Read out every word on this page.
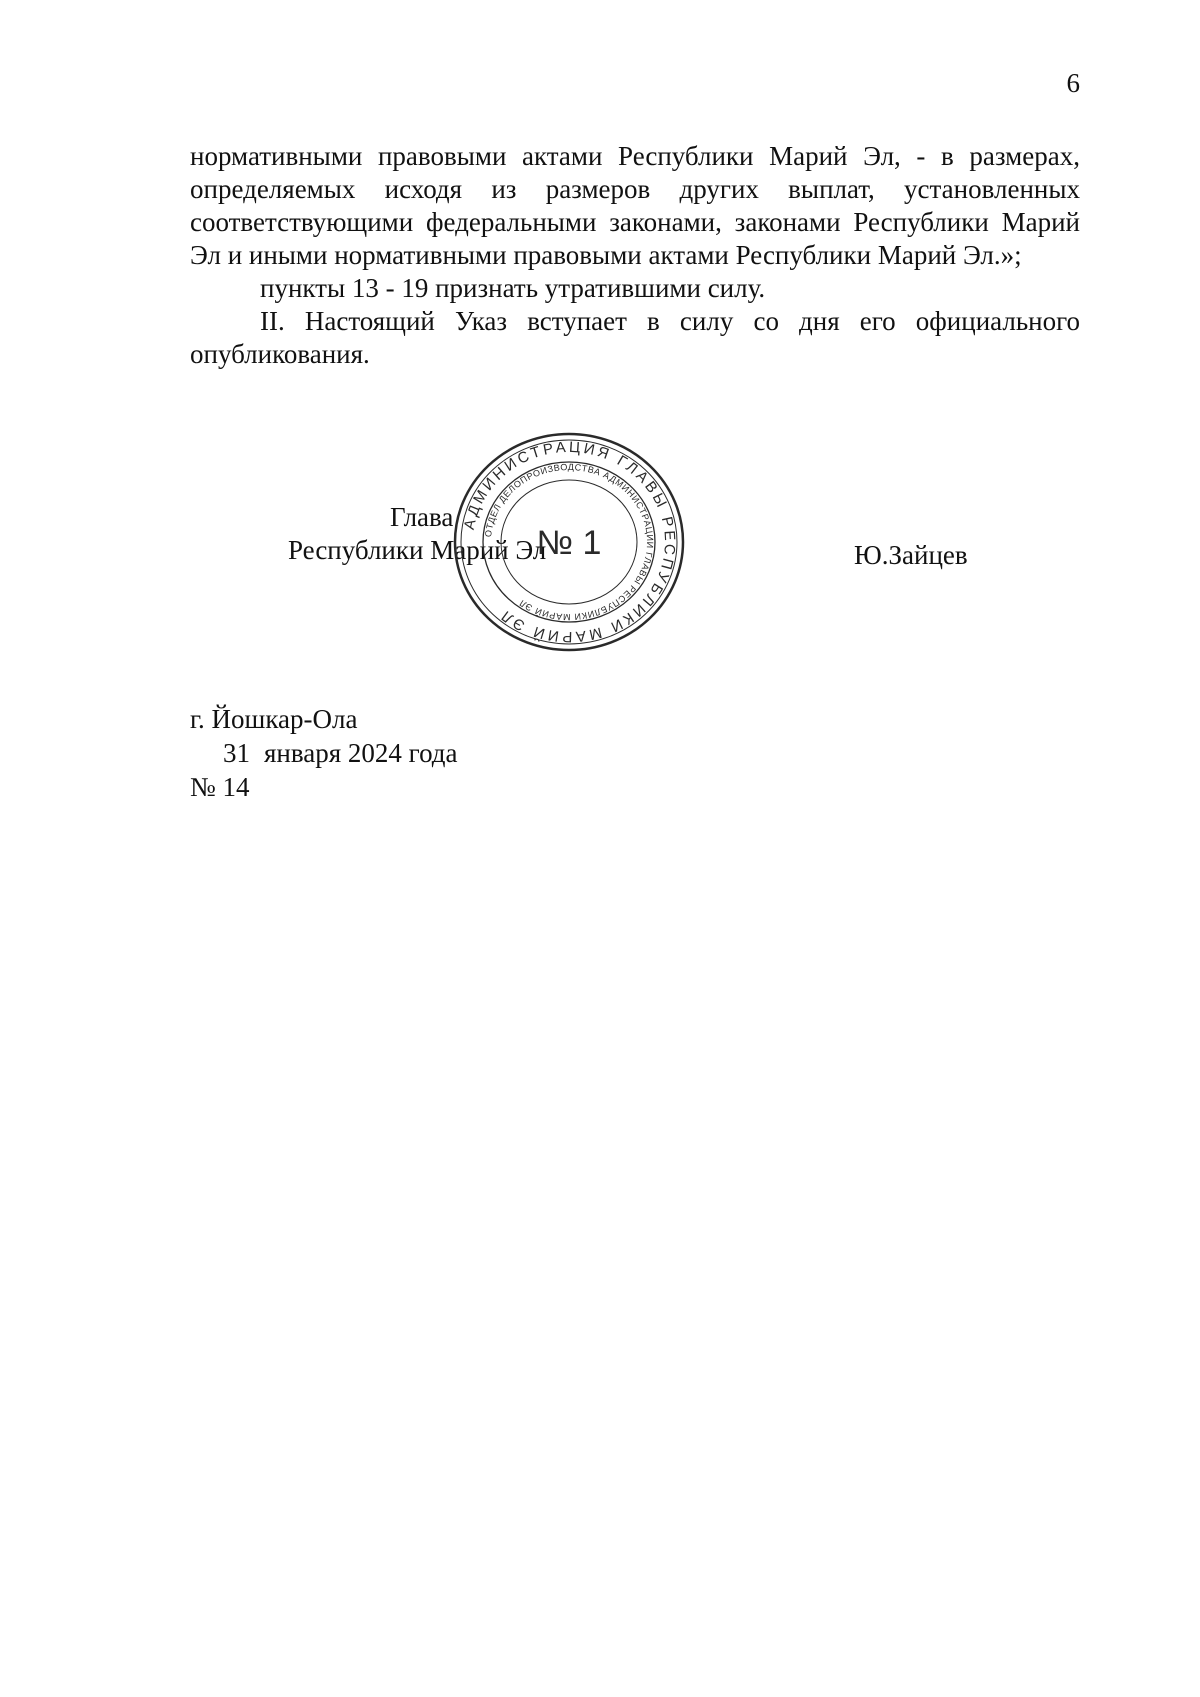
6

нормативными правовыми актами Республики Марий Эл, - в размерах, определяемых исходя из размеров других выплат, установленных соответствующими федеральными законами, законами Республики Марий Эл и иными нормативными правовыми актами Республики Марий Эл.»;

пункты 13 - 19 признать утратившими силу.

II. Настоящий Указ вступает в силу со дня его официального опубликования.

Глава
Республики Марий Эл	Ю.Зайцев
АДМИНИСТРАЦИЯ ГЛАВЫ РЕСПУБЛИКИ МАРИЙ ЭЛ
ОТДЕЛ ДЕЛОПРОИЗВОДСТВА АДМИНИСТРАЦИИ ГЛАВЫ РЕСПУБЛИКИ МАРИЙ ЭЛ
№ 1
г. Йошкар-Ола
31 января 2024 года
№ 14
